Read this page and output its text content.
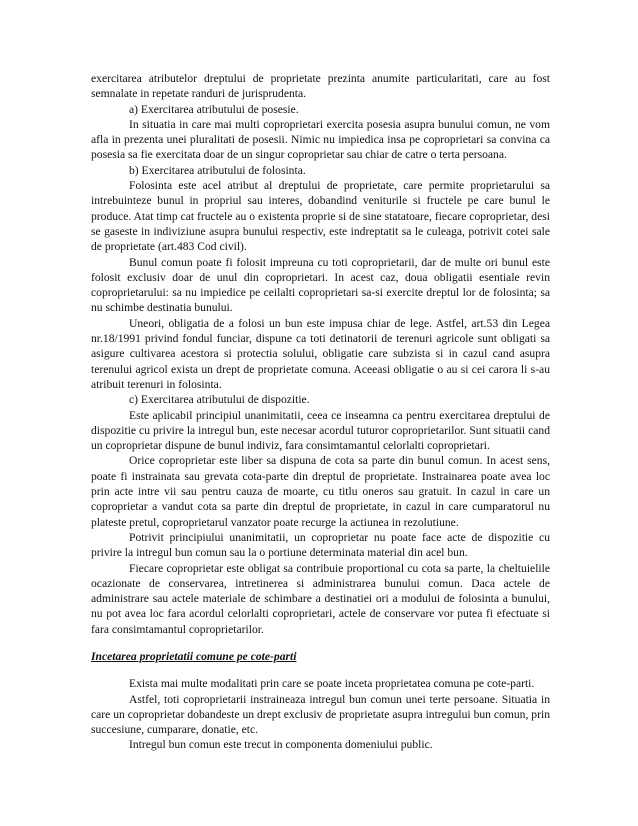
exercitarea atributelor dreptului de proprietate prezinta anumite particularitati, care au fost semnalate in repetate randuri de jurisprudenta.

a) Exercitarea atributului de posesie.

In situatia in care mai multi coproprietari exercita posesia asupra bunului comun, ne vom afla in prezenta unei pluralitati de posesii. Nimic nu impiedica insa pe coproprietari sa convina ca posesia sa fie exercitata doar de un singur coproprietar sau chiar de catre o terta persoana.

b) Exercitarea atributului de folosinta.

Folosinta este acel atribut al dreptului de proprietate, care permite proprietarului sa intrebuinteze bunul in propriul sau interes, dobandind veniturile si fructele pe care bunul le produce. Atat timp cat fructele au o existenta proprie si de sine statatoare, fiecare coproprietar, desi se gaseste in indiviziune asupra bunului respectiv, este indreptatit sa le culeaga, potrivit cotei sale de proprietate (art.483 Cod civil).

Bunul comun poate fi folosit impreuna cu toti coproprietarii, dar de multe ori bunul este folosit exclusiv doar de unul din coproprietari. In acest caz, doua obligatii esentiale revin coproprietarului: sa nu impiedice pe ceilalti coproprietari sa-si exercite dreptul lor de folosinta; sa nu schimbe destinatia bunului.

Uneori, obligatia de a folosi un bun este impusa chiar de lege. Astfel, art.53 din Legea nr.18/1991 privind fondul funciar, dispune ca toti detinatorii de terenuri agricole sunt obligati sa asigure cultivarea acestora si protectia solului, obligatie care subzista si in cazul cand asupra terenului agricol exista un drept de proprietate comuna. Aceeasi obligatie o au si cei carora li s-au atribuit terenuri in folosinta.

c) Exercitarea atributului de dispozitie.

Este aplicabil principiul unanimitatii, ceea ce inseamna ca pentru exercitarea dreptului de dispozitie cu privire la intregul bun, este necesar acordul tuturor coproprietarilor. Sunt situatii cand un coproprietar dispune de bunul indiviz, fara consimtamantul celorlalti coproprietari.

Orice coproprietar este liber sa dispuna de cota sa parte din bunul comun. In acest sens, poate fi instrainata sau grevata cota-parte din dreptul de proprietate. Instrainarea poate avea loc prin acte intre vii sau pentru cauza de moarte, cu titlu oneros sau gratuit. In cazul in care un coproprietar a vandut cota sa parte din dreptul de proprietate, in cazul in care cumparatorul nu plateste pretul, coproprietarul vanzator poate recurge la actiunea in rezolutiune.

Potrivit principiului unanimitatii, un coproprietar nu poate face acte de dispozitie cu privire la intregul bun comun sau la o portiune determinata material din acel bun.

Fiecare coproprietar este obligat sa contribuie proportional cu cota sa parte, la cheltuielile ocazionate de conservarea, intretinerea si administrarea bunului comun. Daca actele de administrare sau actele materiale de schimbare a destinatiei ori a modului de folosinta a bunului, nu pot avea loc fara acordul celorlalti coproprietari, actele de conservare vor putea fi efectuate si fara consimtamantul coproprietarilor.

Incetarea proprietatii comune pe cote-parti

Exista mai multe modalitati prin care se poate inceta proprietatea comuna pe cote-parti.

Astfel, toti coproprietarii instraineaza intregul bun comun unei terte persoane. Situatia in care un coproprietar dobandeste un drept exclusiv de proprietate asupra intregului bun comun, prin succesiune, cumparare, donatie, etc.

Intregul bun comun este trecut in componenta domeniului public.
